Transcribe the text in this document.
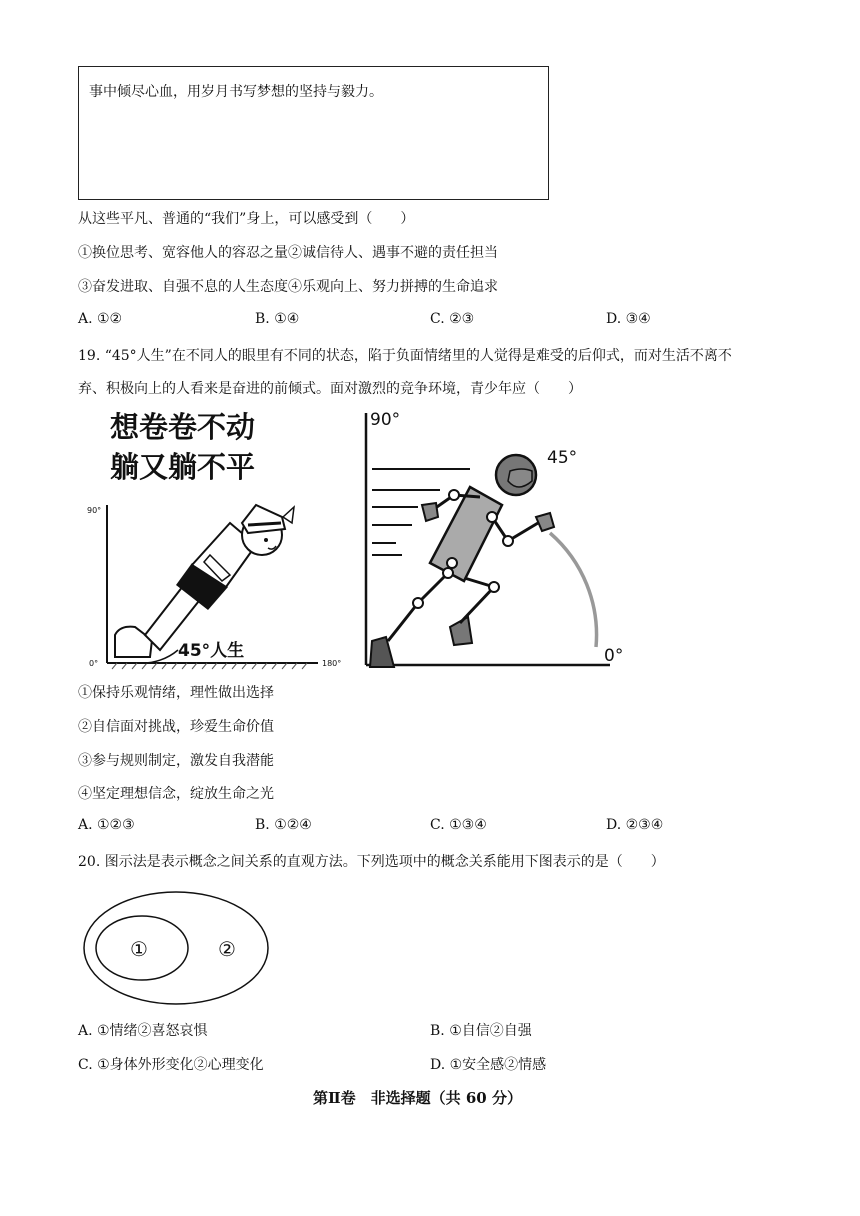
事中倾尽心血，用岁月书写梦想的坚持与毅力。
从这些平凡、普通的“我们”身上，可以感受到（　　）
①换位思考、宽容他人的容忍之量②诚信待人、遇事不避的责任担当
③奋发进取、自强不息的人生态度④乐观向上、努力拼搏的生命追求
A. ①②	B. ①④	C. ②③	D. ③④
19. “45°人生”在不同人的眼里有不同的状态，陷于负面情绪里的人觉得是难受的后仰式，而对生活不离不
弃、积极向上的人看来是奋进的前倾式。面对激烈的竞争环境，青少年应（　　）
想卷卷不动
躺又躺不平
90°
0°	180°
45°人生
90°
45°
0°
①保持乐观情绪，理性做出选择
②自信面对挑战，珍爱生命价值
③参与规则制定，激发自我潜能
④坚定理想信念，绽放生命之光
A. ①②③	B. ①②④	C. ①③④	D. ②③④
20. 图示法是表示概念之间关系的直观方法。下列选项中的概念关系能用下图表示的是（　　）
①	②
A. ①情绪②喜怒哀惧	B. ①自信②自强
C. ①身体外形变化②心理变化	D. ①安全感②情感
第Ⅱ卷　非选择题（共 60 分）
